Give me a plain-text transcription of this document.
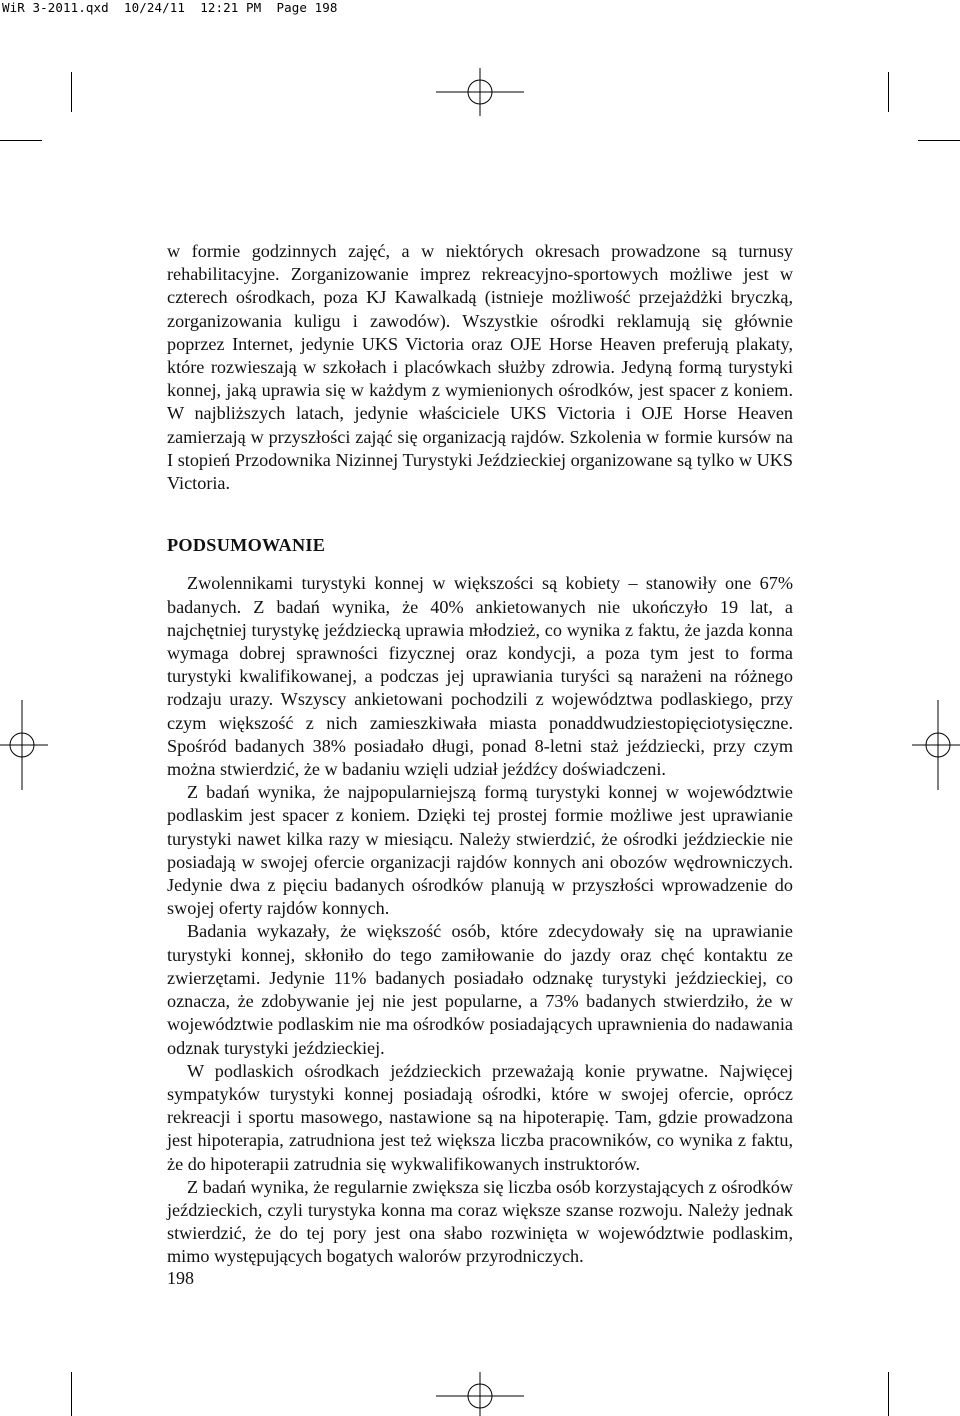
WiR 3-2011.qxd  10/24/11  12:21 PM  Page 198

w formie godzinnych zajęć, a w niektórych okresach prowadzone są turnusy rehabilitacyjne. Zorganizowanie imprez rekreacyjno-sportowych możliwe jest w czterech ośrodkach, poza KJ Kawalkadą (istnieje możliwość przejażdżki bryczką, zorganizowania kuligu i zawodów). Wszystkie ośrodki reklamują się głównie poprzez Internet, jedynie UKS Victoria oraz OJE Horse Heaven preferują plakaty, które rozwieszają w szkołach i placówkach służby zdrowia. Jedyną formą turystyki konnej, jaką uprawia się w każdym z wymienionych ośrodków, jest spacer z koniem. W najbliższych latach, jedynie właściciele UKS Victoria i OJE Horse Heaven zamierzają w przyszłości zająć się organizacją rajdów. Szkolenia w formie kursów na I stopień Przodownika Nizinnej Turystyki Jeździeckiej organizowane są tylko w UKS Victoria.

PODSUMOWANIE

Zwolennikami turystyki konnej w większości są kobiety – stanowiły one 67% badanych. Z badań wynika, że 40% ankietowanych nie ukończyło 19 lat, a najchętniej turystykę jeździecką uprawia młodzież, co wynika z faktu, że jazda konna wymaga dobrej sprawności fizycznej oraz kondycji, a poza tym jest to forma turystyki kwalifikowanej, a podczas jej uprawiania turyści są narażeni na różnego rodzaju urazy. Wszyscy ankietowani pochodzili z województwa podlaskiego, przy czym większość z nich zamieszkiwała miasta ponaddwudziestopięciotysięczne. Spośród badanych 38% posiadało długi, ponad 8-letni staż jeździecki, przy czym można stwierdzić, że w badaniu wzięli udział jeźdźcy doświadczeni.

Z badań wynika, że najpopularniejszą formą turystyki konnej w województwie podlaskim jest spacer z koniem. Dzięki tej prostej formie możliwe jest uprawianie turystyki nawet kilka razy w miesiącu. Należy stwierdzić, że ośrodki jeździeckie nie posiadają w swojej ofercie organizacji rajdów konnych ani obozów wędrowniczych. Jedynie dwa z pięciu badanych ośrodków planują w przyszłości wprowadzenie do swojej oferty rajdów konnych.

Badania wykazały, że większość osób, które zdecydowały się na uprawianie turystyki konnej, skłoniło do tego zamiłowanie do jazdy oraz chęć kontaktu ze zwierzętami. Jedynie 11% badanych posiadało odznakę turystyki jeździeckiej, co oznacza, że zdobywanie jej nie jest popularne, a 73% badanych stwierdziło, że w województwie podlaskim nie ma ośrodków posiadających uprawnienia do nadawania odznak turystyki jeździeckiej.

W podlaskich ośrodkach jeździeckich przeważają konie prywatne. Najwięcej sympatyków turystyki konnej posiadają ośrodki, które w swojej ofercie, oprócz rekreacji i sportu masowego, nastawione są na hipoterapię. Tam, gdzie prowadzona jest hipoterapia, zatrudniona jest też większa liczba pracowników, co wynika z faktu, że do hipoterapii zatrudnia się wykwalifikowanych instruktorów.

Z badań wynika, że regularnie zwiększa się liczba osób korzystających z ośrodków jeździeckich, czyli turystyka konna ma coraz większe szanse rozwoju. Należy jednak stwierdzić, że do tej pory jest ona słabo rozwinięta w województwie podlaskim, mimo występujących bogatych walorów przyrodniczych.

198
